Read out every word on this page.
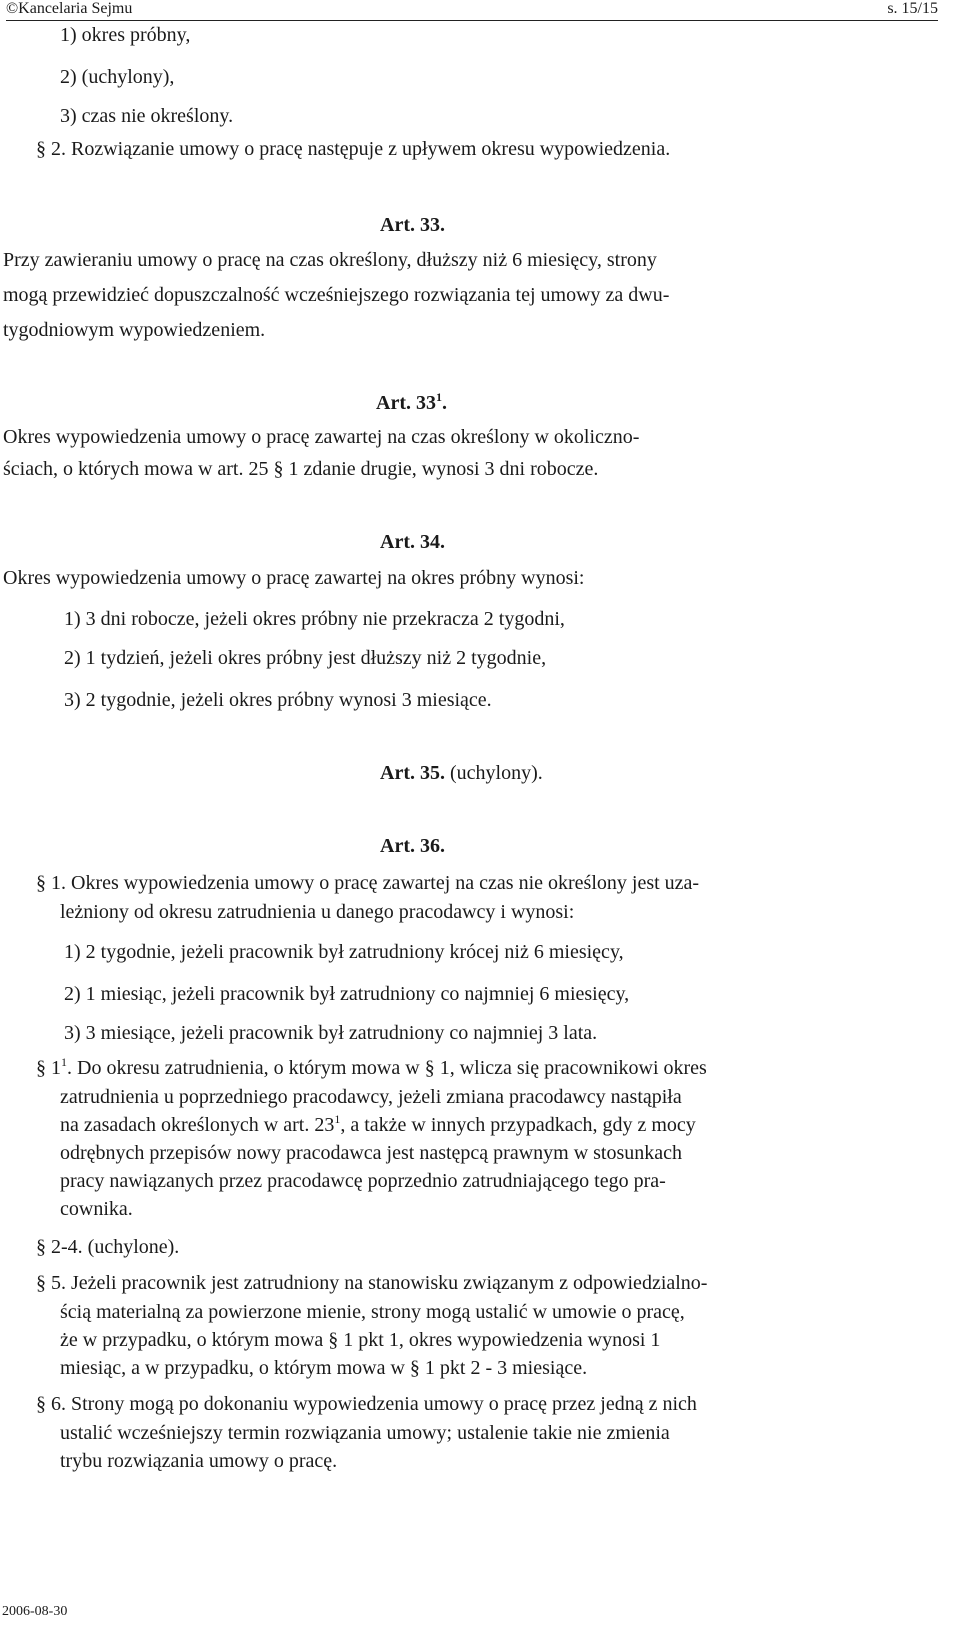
©Kancelaria Sejmu	s. 15/15
1) okres próbny,
2) (uchylony),
3) czas nie określony.
§ 2. Rozwiązanie umowy o pracę następuje z upływem okresu wypowiedzenia.
Art. 33.
Przy zawieraniu umowy o pracę na czas określony, dłuższy niż 6 miesięcy, strony
mogą przewidzieć dopuszczalność wcześniejszego rozwiązania tej umowy za dwu-
tygodniowym wypowiedzeniem.
Art. $33^1$.
Okres wypowiedzenia umowy o pracę zawartej na czas określony w okoliczno-
ściach, o których mowa w art. 25 § 1 zdanie drugie, wynosi 3 dni robocze.
Art. 34.
Okres wypowiedzenia umowy o pracę zawartej na okres próbny wynosi:
1) 3 dni robocze, jeżeli okres próbny nie przekracza 2 tygodni,
2) 1 tydzień, jeżeli okres próbny jest dłuższy niż 2 tygodnie,
3) 2 tygodnie, jeżeli okres próbny wynosi 3 miesiące.
Art. 35. (uchylony).
Art. 36.
§ 1. Okres wypowiedzenia umowy o pracę zawartej na czas nie określony jest uza-
leżniony od okresu zatrudnienia u danego pracodawcy i wynosi:
1) 2 tygodnie, jeżeli pracownik był zatrudniony krócej niż 6 miesięcy,
2) 1 miesiąc, jeżeli pracownik był zatrudniony co najmniej 6 miesięcy,
3) 3 miesiące, jeżeli pracownik był zatrudniony co najmniej 3 lata.
§ $1^1$. Do okresu zatrudnienia, o którym mowa w § 1, wlicza się pracownikowi okres
zatrudnienia u poprzedniego pracodawcy, jeżeli zmiana pracodawcy nastąpiła
na zasadach określonych w art. $23^1$, a także w innych przypadkach, gdy z mocy
odrębnych przepisów nowy pracodawca jest następcą prawnym w stosunkach
pracy nawiązanych przez pracodawcę poprzednio zatrudniającego tego pra-
cownika.
§ 2-4. (uchylone).
§ 5. Jeżeli pracownik jest zatrudniony na stanowisku związanym z odpowiedzialno-
ścią materialną za powierzone mienie, strony mogą ustalić w umowie o pracę,
że w przypadku, o którym mowa § 1 pkt 1, okres wypowiedzenia wynosi 1
miesiąc, a w przypadku, o którym mowa w § 1 pkt 2 - 3 miesiące.
§ 6. Strony mogą po dokonaniu wypowiedzenia umowy o pracę przez jedną z nich
ustalić wcześniejszy termin rozwiązania umowy; ustalenie takie nie zmienia
trybu rozwiązania umowy o pracę.
2006-08-30
